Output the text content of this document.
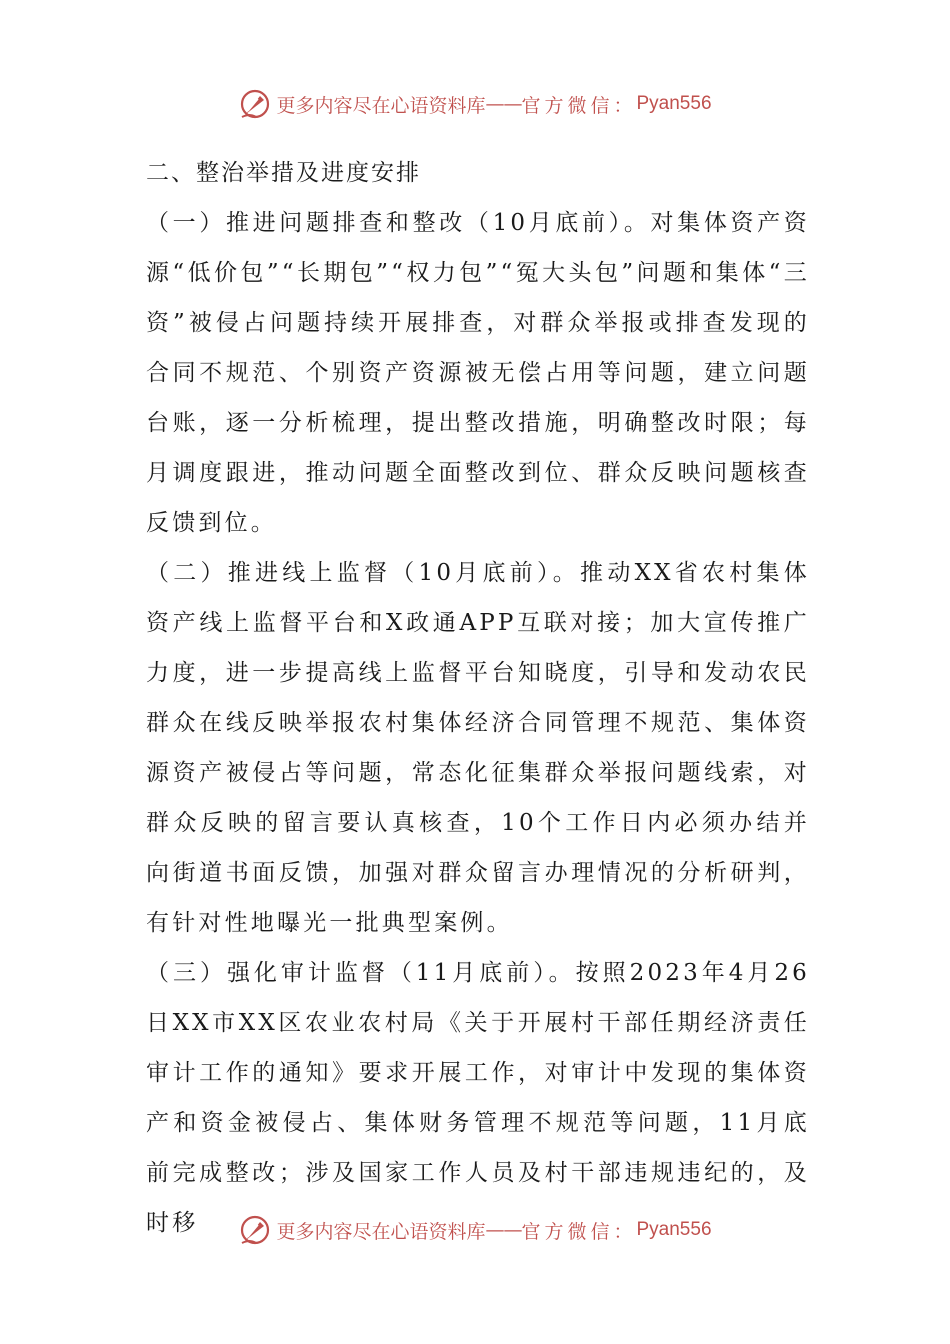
更多内容尽在心语资料库 —— 官方微信： Pyan556

二、整治举措及进度安排

（一）推进问题排查和整改（10月底前）。对集体资产资源“低价包”“长期包”“权力包”“冤大头包”问题和集体“三资”被侵占问题持续开展排查，对群众举报或排查发现的合同不规范、个别资产资源被无偿占用等问题，建立问题台账，逐一分析梳理，提出整改措施，明确整改时限；每月调度跟进，推动问题全面整改到位、群众反映问题核查反馈到位。

（二）推进线上监督（10月底前）。推动XX省农村集体资产线上监督平台和X政通APP互联对接；加大宣传推广力度，进一步提高线上监督平台知晓度，引导和发动农民群众在线反映举报农村集体经济合同管理不规范、集体资源资产被侵占等问题，常态化征集群众举报问题线索，对群众反映的留言要认真核查，10个工作日内必须办结并向街道书面反馈，加强对群众留言办理情况的分析研判，有针对性地曝光一批典型案例。

（三）强化审计监督（11月底前）。按照2023年4月26日XX市XX区农业农村局《关于开展村干部任期经济责任审计工作的通知》要求开展工作，对审计中发现的集体资产和资金被侵占、集体财务管理不规范等问题，11月底前完成整改；涉及国家工作人员及村干部违规违纪的，及时移	更多内容尽在心语资料库 —— 官方微信： Pyan556
